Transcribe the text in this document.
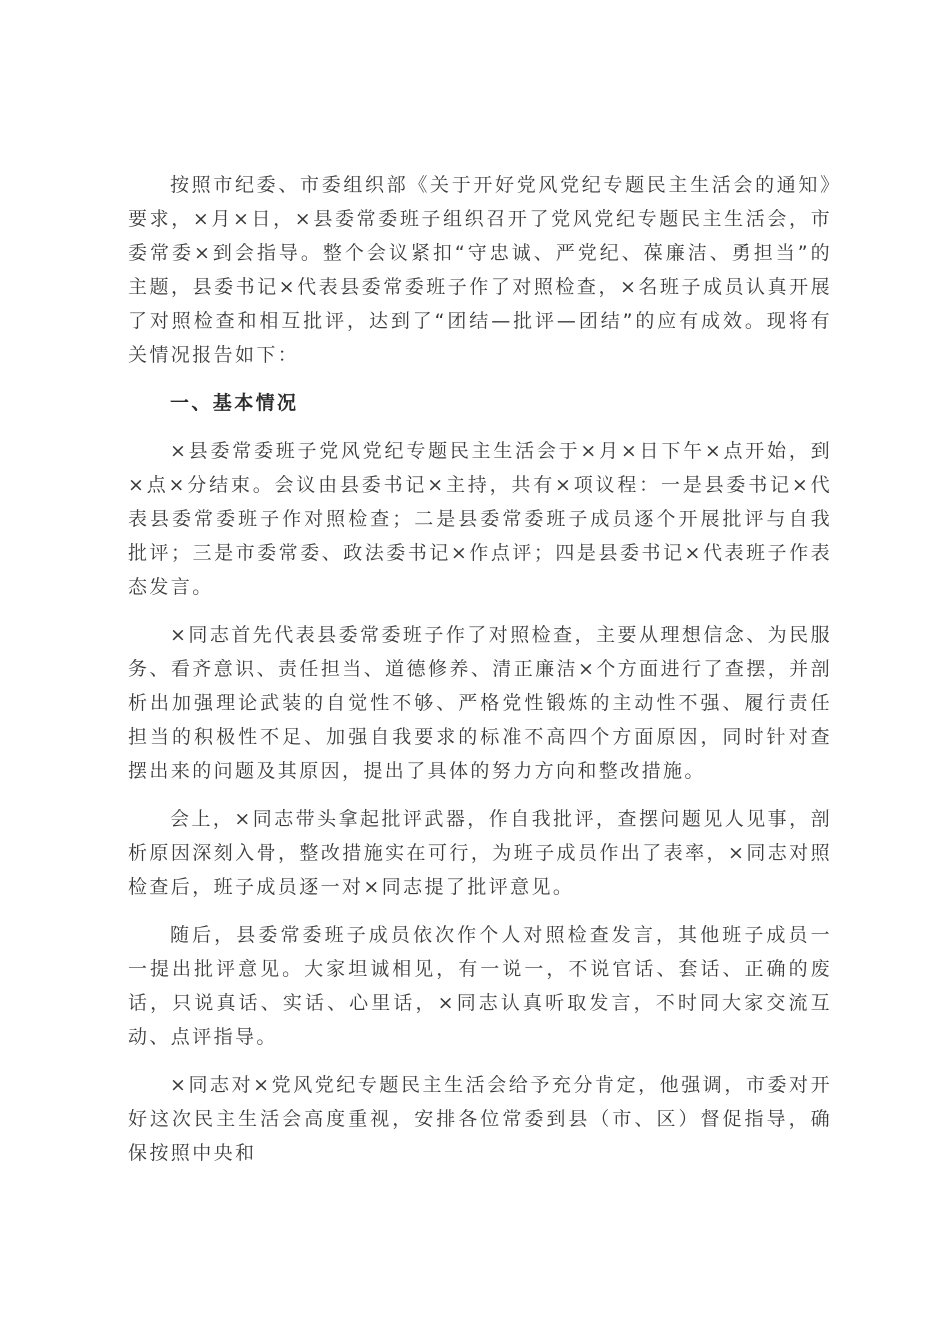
按照市纪委、市委组织部《关于开好党风党纪专题民主生活会的通知》要求，×月×日，×县委常委班子组织召开了党风党纪专题民主生活会，市委常委×到会指导。整个会议紧扣“守忠诚、严党纪、葆廉洁、勇担当”的主题，县委书记×代表县委常委班子作了对照检查，×名班子成员认真开展了对照检查和相互批评，达到了“团结—批评—团结”的应有成效。现将有关情况报告如下：

一、基本情况

×县委常委班子党风党纪专题民主生活会于×月×日下午×点开始，到×点×分结束。会议由县委书记×主持，共有×项议程：一是县委书记×代表县委常委班子作对照检查；二是县委常委班子成员逐个开展批评与自我批评；三是市委常委、政法委书记×作点评；四是县委书记×代表班子作表态发言。

×同志首先代表县委常委班子作了对照检查，主要从理想信念、为民服务、看齐意识、责任担当、道德修养、清正廉洁×个方面进行了查摆，并剖析出加强理论武装的自觉性不够、严格党性锻炼的主动性不强、履行责任担当的积极性不足、加强自我要求的标准不高四个方面原因，同时针对查摆出来的问题及其原因，提出了具体的努力方向和整改措施。

会上，×同志带头拿起批评武器，作自我批评，查摆问题见人见事，剖析原因深刻入骨，整改措施实在可行，为班子成员作出了表率，×同志对照检查后，班子成员逐一对×同志提了批评意见。

随后，县委常委班子成员依次作个人对照检查发言，其他班子成员一一提出批评意见。大家坦诚相见，有一说一，不说官话、套话、正确的废话，只说真话、实话、心里话，×同志认真听取发言，不时同大家交流互动、点评指导。

×同志对×党风党纪专题民主生活会给予充分肯定，他强调，市委对开好这次民主生活会高度重视，安排各位常委到县（市、区）督促指导，确保按照中央和
